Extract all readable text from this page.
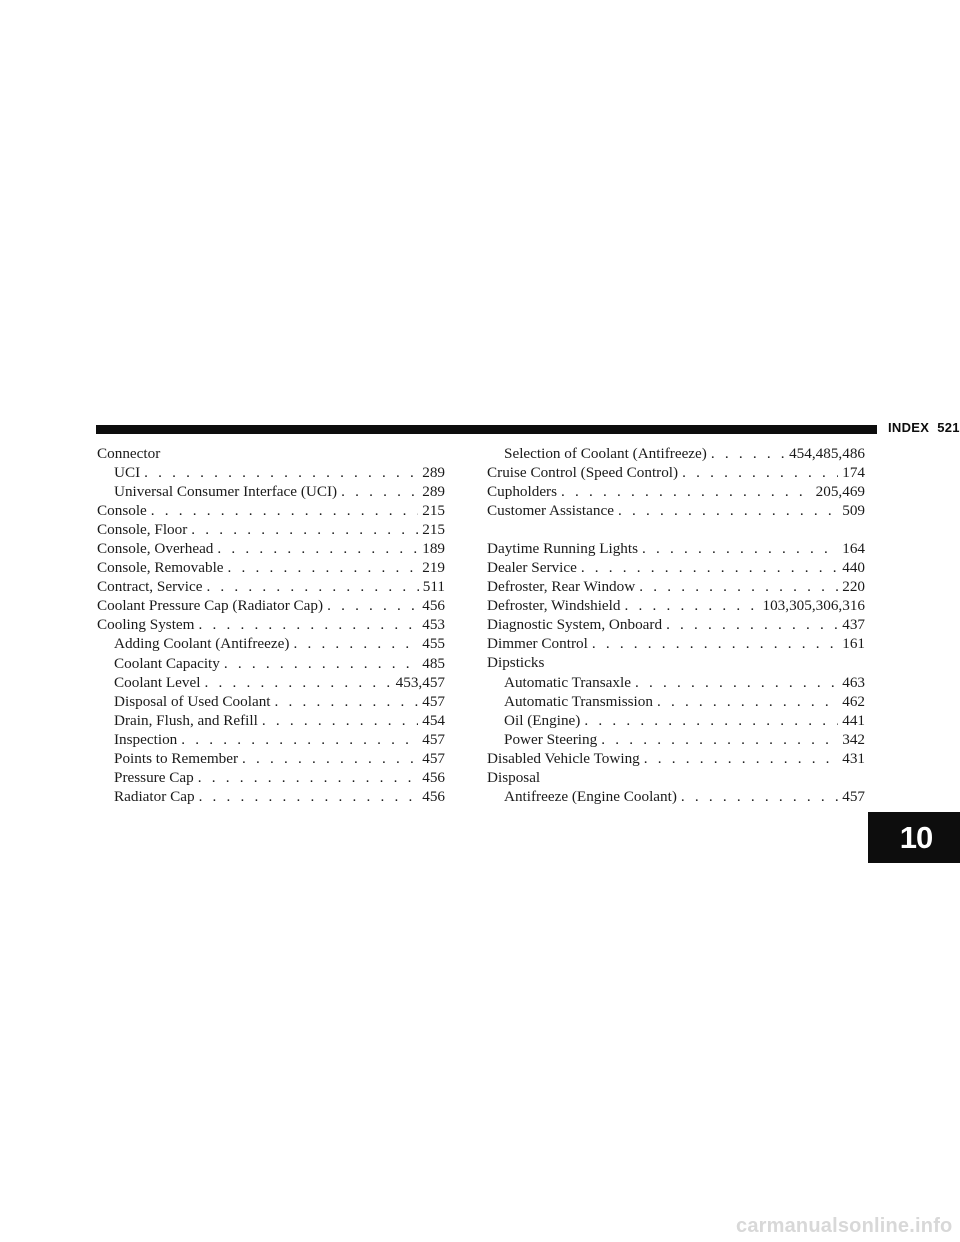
INDEX 521
Connector
UCI . . .	289
Universal Consumer Interface (UCI) . . .	289
Console . . .	215
Console, Floor . . .	215
Console, Overhead . . .	189
Console, Removable . . .	219
Contract, Service . . .	511
Coolant Pressure Cap (Radiator Cap) . . .	456
Cooling System . . .	453
Adding Coolant (Antifreeze) . . .	455
Coolant Capacity . . .	485
Coolant Level . . .	453,457
Disposal of Used Coolant . . .	457
Drain, Flush, and Refill . . .	454
Inspection . . .	457
Points to Remember . . .	457
Pressure Cap . . .	456
Radiator Cap . . .	456
Selection of Coolant (Antifreeze) . . .	454,485,486
Cruise Control (Speed Control) . . .	174
Cupholders . . .	205,469
Customer Assistance . . .	509
Daytime Running Lights . . .	164
Dealer Service . . .	440
Defroster, Rear Window . . .	220
Defroster, Windshield . . .	103,305,306,316
Diagnostic System, Onboard . . .	437
Dimmer Control . . .	161
Dipsticks
Automatic Transaxle . . .	463
Automatic Transmission . . .	462
Oil (Engine) . . .	441
Power Steering . . .	342
Disabled Vehicle Towing . . .	431
Disposal
Antifreeze (Engine Coolant) . . .	457
10
carmanualsonline.info
